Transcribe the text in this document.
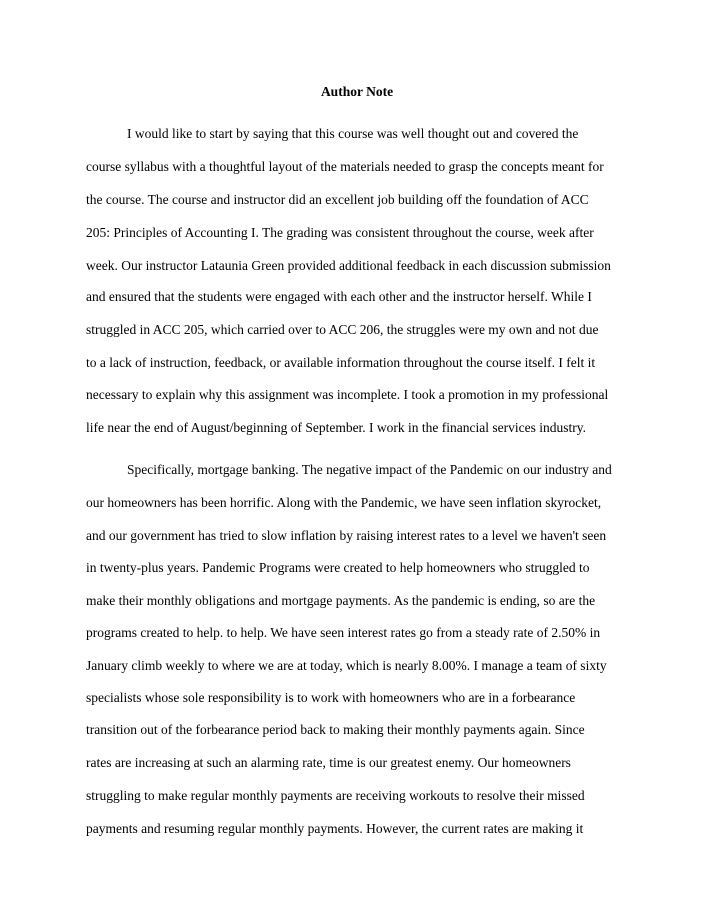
Author Note
I would like to start by saying that this course was well thought out and covered the
course syllabus with a thoughtful layout of the materials needed to grasp the concepts meant for
the course. The course and instructor did an excellent job building off the foundation of ACC
205: Principles of Accounting I. The grading was consistent throughout the course, week after
week. Our instructor Lataunia Green provided additional feedback in each discussion submission
and ensured that the students were engaged with each other and the instructor herself. While I
struggled in ACC 205, which carried over to ACC 206, the struggles were my own and not due
to a lack of instruction, feedback, or available information throughout the course itself. I felt it
necessary to explain why this assignment was incomplete. I took a promotion in my professional
life near the end of August/beginning of September. I work in the financial services industry.
Specifically, mortgage banking. The negative impact of the Pandemic on our industry and
our homeowners has been horrific. Along with the Pandemic, we have seen inflation skyrocket,
and our government has tried to slow inflation by raising interest rates to a level we haven't seen
in twenty-plus years. Pandemic Programs were created to help homeowners who struggled to
make their monthly obligations and mortgage payments. As the pandemic is ending, so are the
programs created to help. to help. We have seen interest rates go from a steady rate of 2.50% in
January climb weekly to where we are at today, which is nearly 8.00%. I manage a team of sixty
specialists whose sole responsibility is to work with homeowners who are in a forbearance
transition out of the forbearance period back to making their monthly payments again. Since
rates are increasing at such an alarming rate, time is our greatest enemy. Our homeowners
struggling to make regular monthly payments are receiving workouts to resolve their missed
payments and resuming regular monthly payments. However, the current rates are making it
